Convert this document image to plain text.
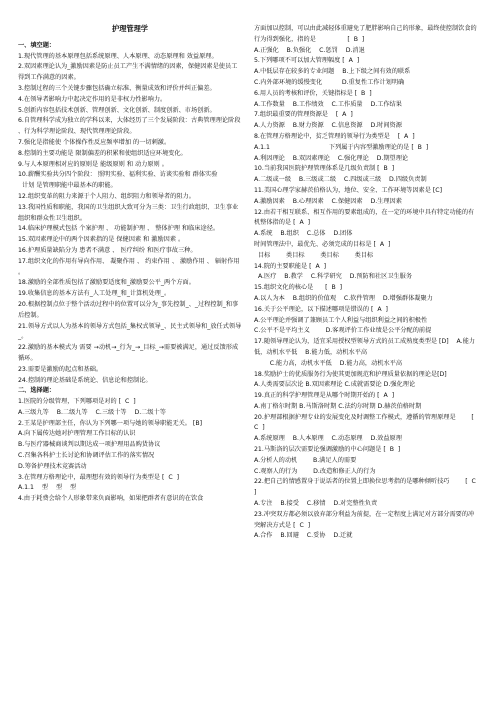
护理管理学
一、填空题：
1.现代管理的基本原理包括系统原理、人本原理、动态原理和 效益原理。
2.双因素理论认为_激励因素是防止员工产生不满情绪的因素，保健因素是使员工得到工作满意的因素。
3.控制过程的三个关键步骤包括确立标准、衡量成效和评价并纠正偏差。
4.在领导者影响力中起决定作用的是非权力性影响力。
5.创新内容包括技术创新、管理创新、文化创新、制度创新、市场创新。
6.自管理科学成为独立的学科以来，大体经历了三个发展阶段：古典管理理论阶段 、行为科学理论阶段、现代管理理论阶段。
7.强化是指能使 个体操作性反应频率增加 的一切刺激。
8.控制的主要功能是 限制偏差的积累和使组织适应环境变化。
9.与人本原理相对应的原则是 能级原则 和 动力原则 。
10.薪酬实验共分四个阶段： 照明实验、福利实验、访谈实验和 群体实验
计划 是管理职能中最基本的职能。
12.组织变革的阻力来源于个人阻力、组织阻力和领导者的阻力。
13.我国性质和职能，我国的卫生组织大致可分为三类：卫生行政组织、卫生事业组织和群众性卫生组织。
14.临床护理模式包括 个案护理 、 功能制护理 、 整体护理 和临床途径。
15.双因素理论中的两个因素指的是 保健因素 和 激励因素 。
16.护理质量缺陷分为 患者不满意 、 医疗纠纷 和医疗事故三种。
17.组织文化的作用有导向作用、 凝聚作用 、 约束作用 、 激励作用 、 辐射作用 。
18.激励的全部性质包括了激励要适度和_激励要公平_两个方面。
19.收集信息的基本方法有_人工处理_和_计算机处理_。
20.根据控制点位于整个活动过程中的位置可以分为_事先控制_、_过程控制_和事后控制。
21.领导方式以人为基本的领导方式包括_集权式领导_、民主式领导和_放任式领导_。
22.激励的基本模式为 需要 →动机→_行为_→_目标_→需要被满足，通过反馈形成循环。
23.需要是激励的起点和基础。
24.控制的理论基础是系统论、信息论和控制论。
二、选择题：
1.医院的分级管理，下列哪项是对的 [  C  ]
A.三级九等    B.二级九等    C.三级十等    D.二级十等
2.王某是护理部主任，你认为下列哪一项与她的领导职能无关。 [B]
A.向下属传达她对护理管理工作目标的认识
B.与医疗器械商谈判以期达成一项护理用品购货协议
C.召集各科护士长讨论和协调评估工作的落实情况
D.筹备护理技术竞赛活动
3.在管理方格理论中，最理想有效的领导行为类型是 [  C  ]
A.1.1    型    型    型
4.由于耗费会给个人形象带来负面影响，如果把群者有意识的在饮食
方面加以控制，可以由此减轻体重避免了肥胖影响自己的形象，最终使控制饮食的行为得到强化，指的是                [  B  ]
A.正强化    B.负强化    C.惩罚    D.消退
5.下列哪项不可以加大管理幅度 [  A  ]
A.中低层存在较多的专业问题    B.上下级之间有效的联系
C.内外部环境的缓慢变化          D.重复性工作计划明确
6.用人员的考核和评价，关键指标是 [  B  ]
A.工作数量    B.工作绩效    C.工作质量    D.工作结果
7.组织最重要的管理资源是    [  A  ]
A.人力资源    B.财力资源    C.信息资源    D.时间资源
8.在管理方格理论中，贫乏管理的领导行为类型是    [  A  ]
A.1.1                              下列属于内容型激励理论的是 [  B  ]
A.利因理论    B.双因素理论    C.强化理论    D.期望理论
10.当前我国医院护理管理体系是几级负责制 [  B  ]
A.二级或一级    B.三级或二级    C.四级或三级    D.四级负责制
11.美国心理学家赫茨伯格认为，地位、安全、工作环境等因素是 [C]
A.激励因素    B.心理因素    C.保健因素    D.生理因素
12.由若干相互联系、相互作用的要素组成的，在一定的环境中具有特定功能的有机整体指的是 [  A  ]
A.系统    B.组织    C.总体    D.团体
时间管理法中，最优先、必须完成的目标是 [  A  ]
目标        类目标        类目标        类目标
14.院的主要职能是 [  A  ]
A.医疗    B.教学    C.科学研究    D.预防和社区卫生服务
15.组织文化的核心是      [  B  ]
A.以人为本    B.组织的价值观    C.软件管理    D.增强群体凝聚力
16.关于公平理论，以下描述哪项是错误的 [  A  ]
A.公平理论并强调了兼顾员工个人利益与组织利益之间的积极性
C.公平不是平均主义        D.客观评价工作业绩是公平分配的前提
17.随领导理论认为，适宜采用授权型领导方式的员工成熟度类型是 [D]    A.能力低，动机水平低    B.能力低，动机水平高
C.能力高，动机水平低    D.能力高，动机水平高
18.奖励护士的优质服务行为使其更加规范和护理质量依据的理论是[D]
A.人类需要层次论 B.双因素理论 C.成就需要论 D.强化理论
19.真正的科学护理管理是从哪个时期开始的 [  A  ]
A.南丁格尔时期 B.马斯洛时期 C.法约尔时期 D.赫茨伯格时期
20.护理部根据护理专业的发展变化及时调整工作模式，遵循的管理原理是        [  C  ]
A.系统原理    B.人本原理    C.动态原理    D.效益原理
21.马斯洛的层次需要论强调激励的中心问题是 [  B  ]
A.分析人的动机        B.满足人的需要
C.观察人的行为        D.改造和修正人的行为
22.把自己的情感置身于说话者的位置上即换位思考指的是哪种倾听技巧        [  C  ]
A.专注    B.接受    C.移情    D.对完整性负责
23.冲突双方都必须以放弃部分利益为前提，在一定程度上满足对方部分需要的冲突解决方式是 [  C  ]
A.合作    B.回避    C.妥协    D.迁就
